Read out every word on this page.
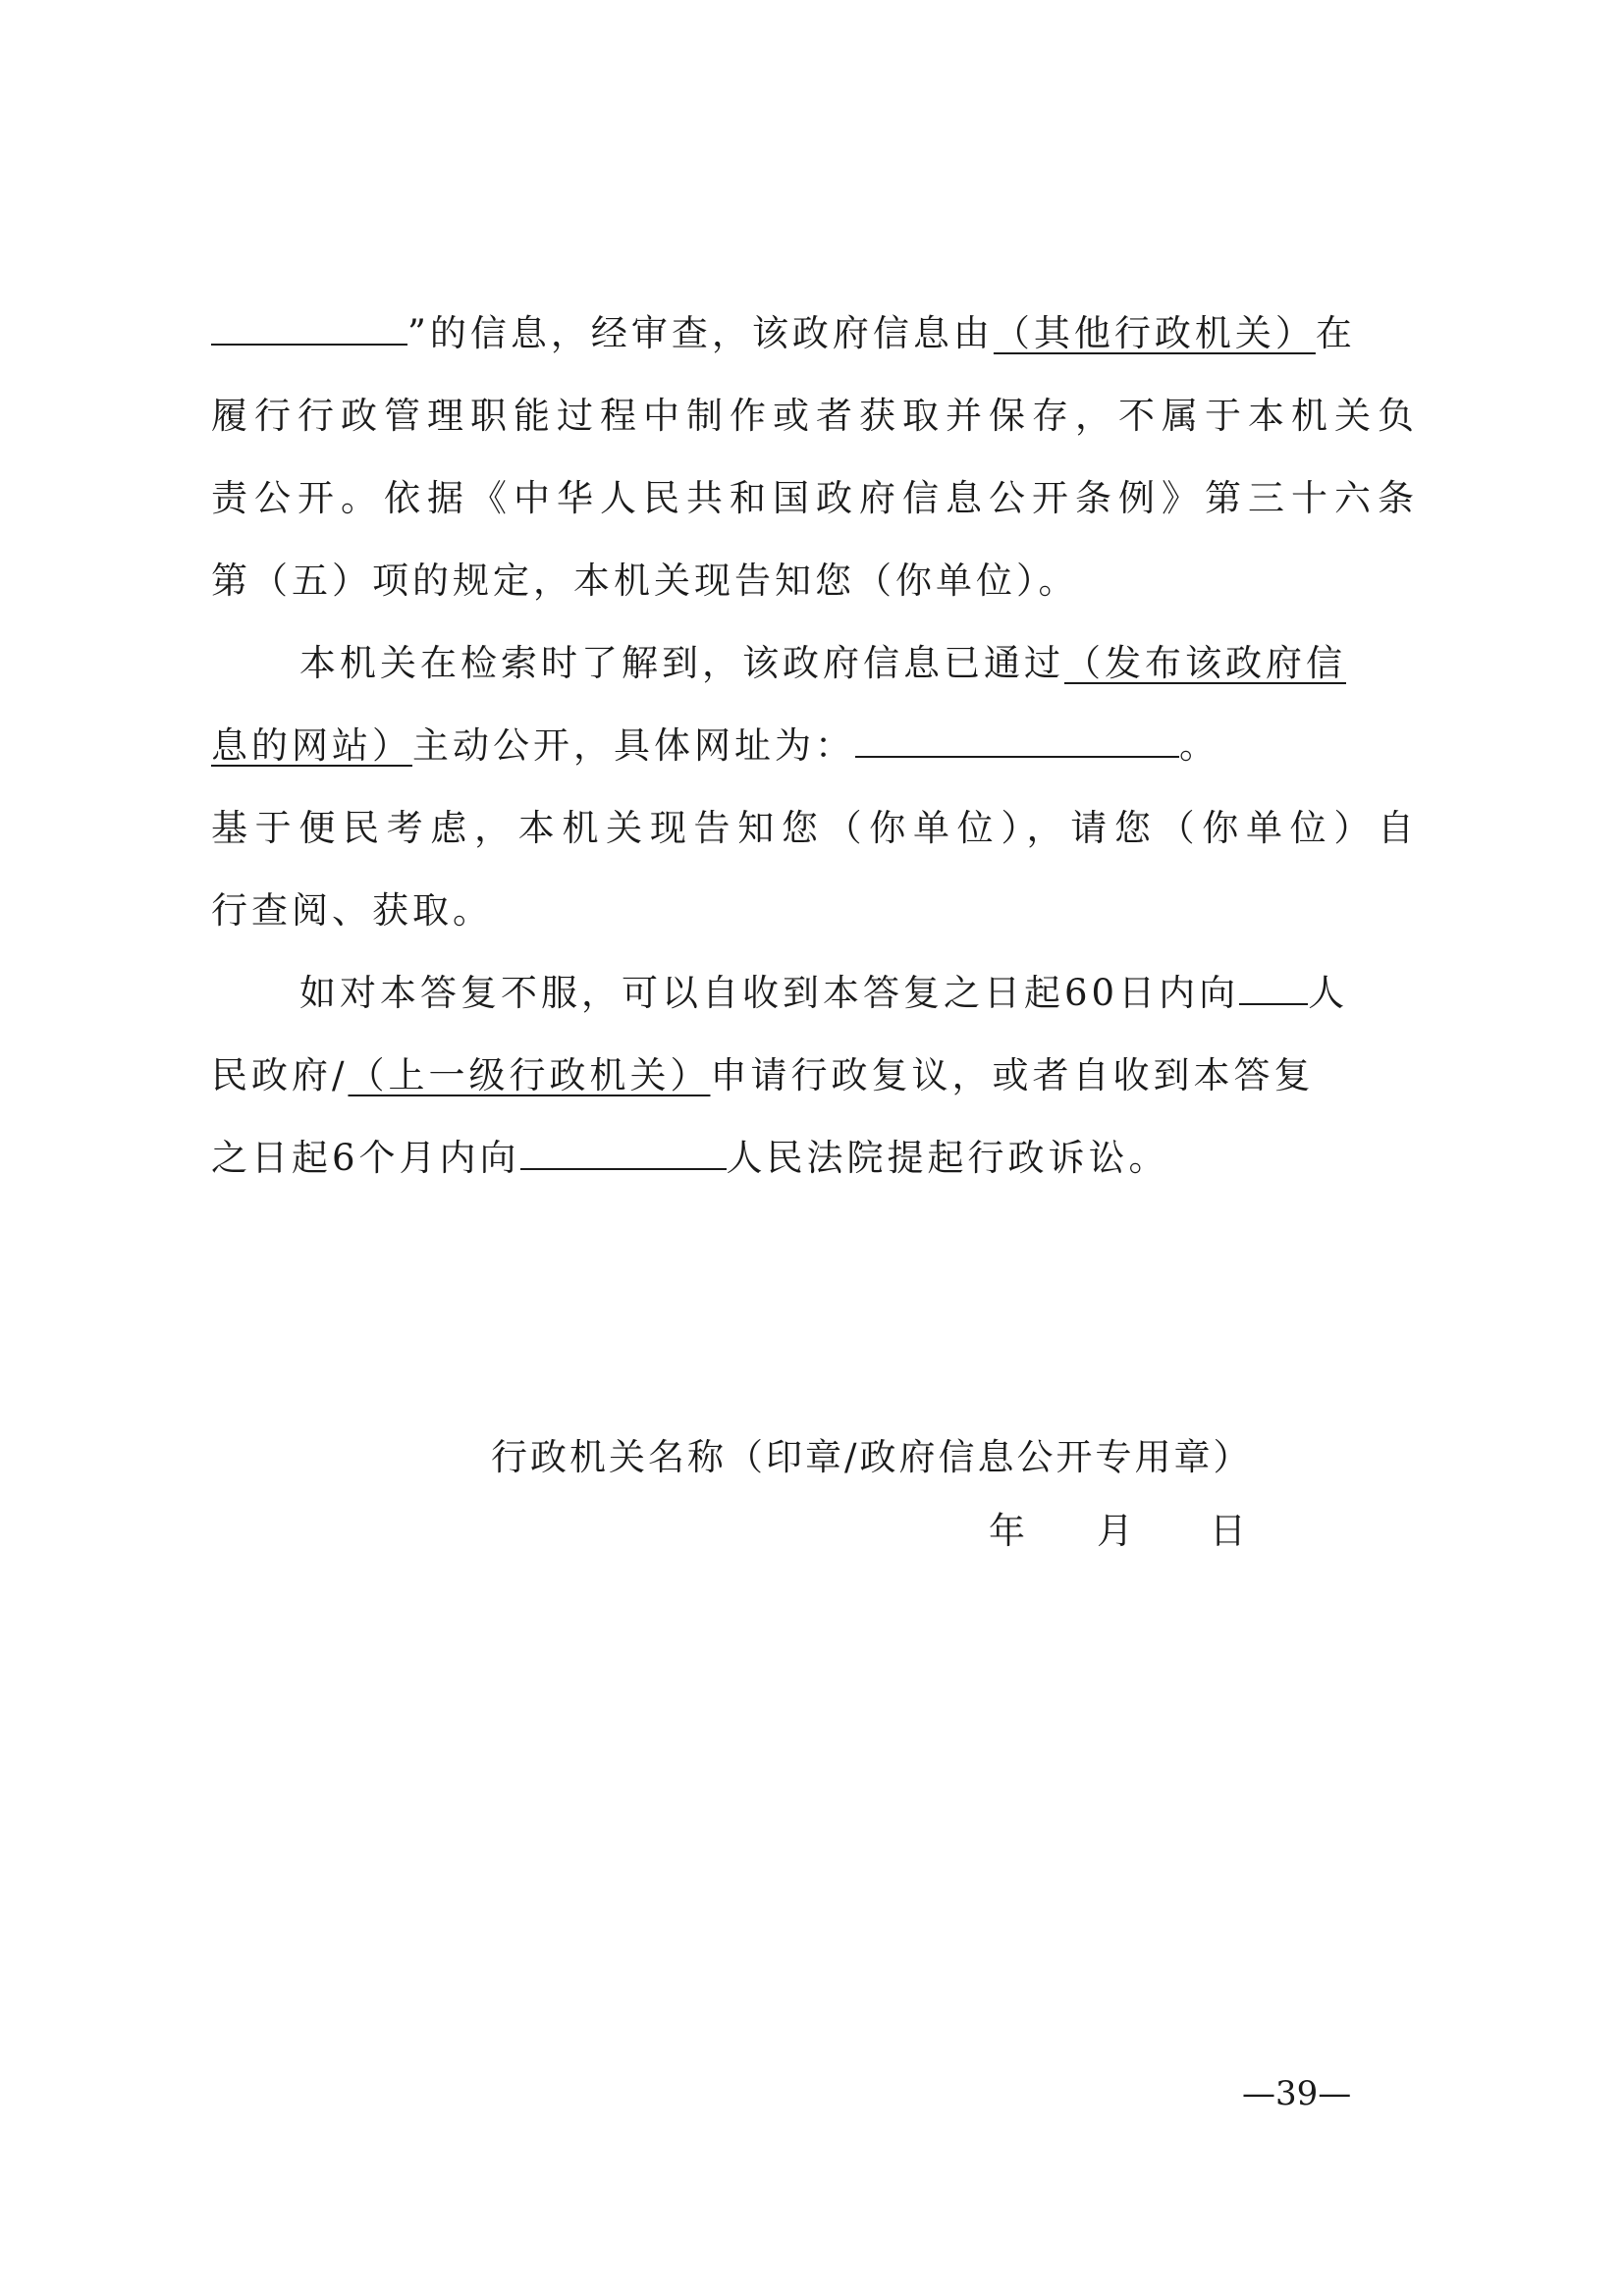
”的信息，经审查，该政府信息由（其他行政机关）在
履行行政管理职能过程中制作或者获取并保存，不属于本机关负
责公开。依据《中华人民共和国政府信息公开条例》第三十六条
第（五）项的规定，本机关现告知您（你单位）。
本机关在检索时了解到，该政府信息已通过（发布该政府信
息的网站）主动公开，具体网址为：	。
基于便民考虑，本机关现告知您（你单位），请您（你单位）自
行查阅、获取。
如对本答复不服，可以自收到本答复之日起60日内向 人
民政府/（上一级行政机关）申请行政复议，或者自收到本答复
之日起6个月内向	人民法院提起行政诉讼。
行政机关名称（印章/政府信息公开专用章）
年 月 日
—39—
